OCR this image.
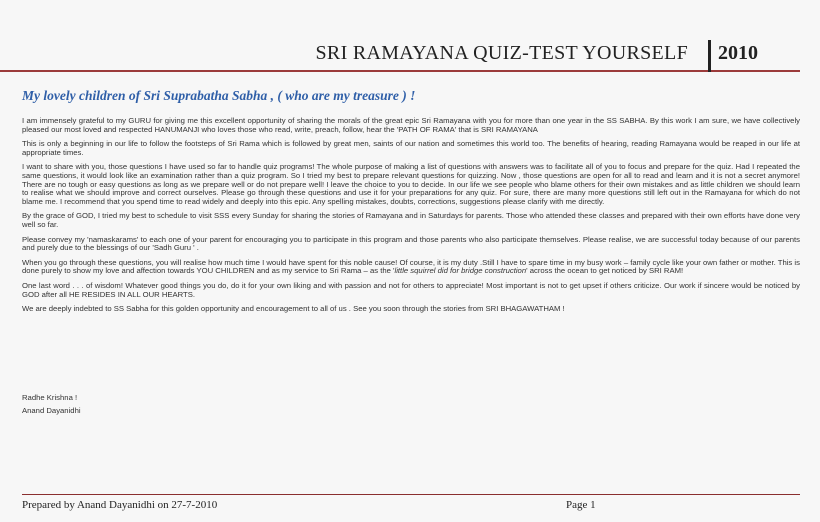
SRI RAMAYANA QUIZ-TEST YOURSELF 2010
My lovely children of Sri Suprabatha Sabha , ( who are my treasure ) !

I am immensely grateful to my GURU for giving me this excellent opportunity of sharing the morals of the great epic Sri Ramayana with you for more than one year in the SS SABHA. By this work I am sure, we have collectively pleased our most loved and respected HANUMANJI who loves those who read, write, preach, follow, hear the 'PATH OF RAMA' that is SRI RAMAYANA

This is only a beginning in our life to follow the footsteps of Sri Rama which is followed by great men, saints of our nation and sometimes this world too. The benefits of hearing, reading Ramayana would be reaped in our life at appropriate times.

I want to share with you, those questions I have used so far to handle quiz programs! The whole purpose of making a list of questions with answers was to facilitate all of you to focus and prepare for the quiz. Had I repeated the same questions, it would look like an examination rather than a quiz program. So I tried my best to prepare relevant questions for quizzing. Now , those questions are open for all to read and learn and it is not a secret anymore! There are no tough or easy questions as long as we prepare well or do not prepare well! I leave the choice to you to decide. In our life we see people who blame others for their own mistakes and as little children we should learn to realise what we should improve and correct ourselves. Please go through these questions and use it for your preparations for any quiz. For sure, there are many more questions still left out in the Ramayana for which do not blame me. I recommend that you spend time to read widely and deeply into this epic. Any spelling mistakes, doubts, corrections, suggestions please clarify with me directly.

By the grace of GOD, I tried my best to schedule to visit SSS every Sunday for sharing the stories of Ramayana and in Saturdays for parents. Those who attended these classes and prepared with their own efforts have done very well so far.

Please convey my 'namaskarams' to each one of your parent for encouraging you to participate in this program and those parents who also participate themselves. Please realise, we are successful today because of our parents and purely due to the blessings of our 'Sadh Guru ' .

When you go through these questions, you will realise how much time I would have spent for this noble cause! Of course, it is my duty .Still I have to spare time in my busy work – family cycle like your own father or mother. This is done purely to show my love and affection towards YOU CHILDREN and as my service to Sri Rama – as the 'little squirrel did for bridge construction' across the ocean to get noticed by SRI RAM!

One last word . . . of wisdom! Whatever good things you do, do it for your own liking and with passion and not for others to appreciate! Most important is not to get upset if others criticize. Our work if sincere would be noticed by GOD after all HE RESIDES IN ALL OUR HEARTS.

We are deeply indebted to SS Sabha for this golden opportunity and encouragement to all of us . See you soon through the stories from SRI BHAGAWATHAM !

Radhe Krishna !
Anand Dayanidhi
Prepared by Anand Dayanidhi on 27-7-2010	Page 1
